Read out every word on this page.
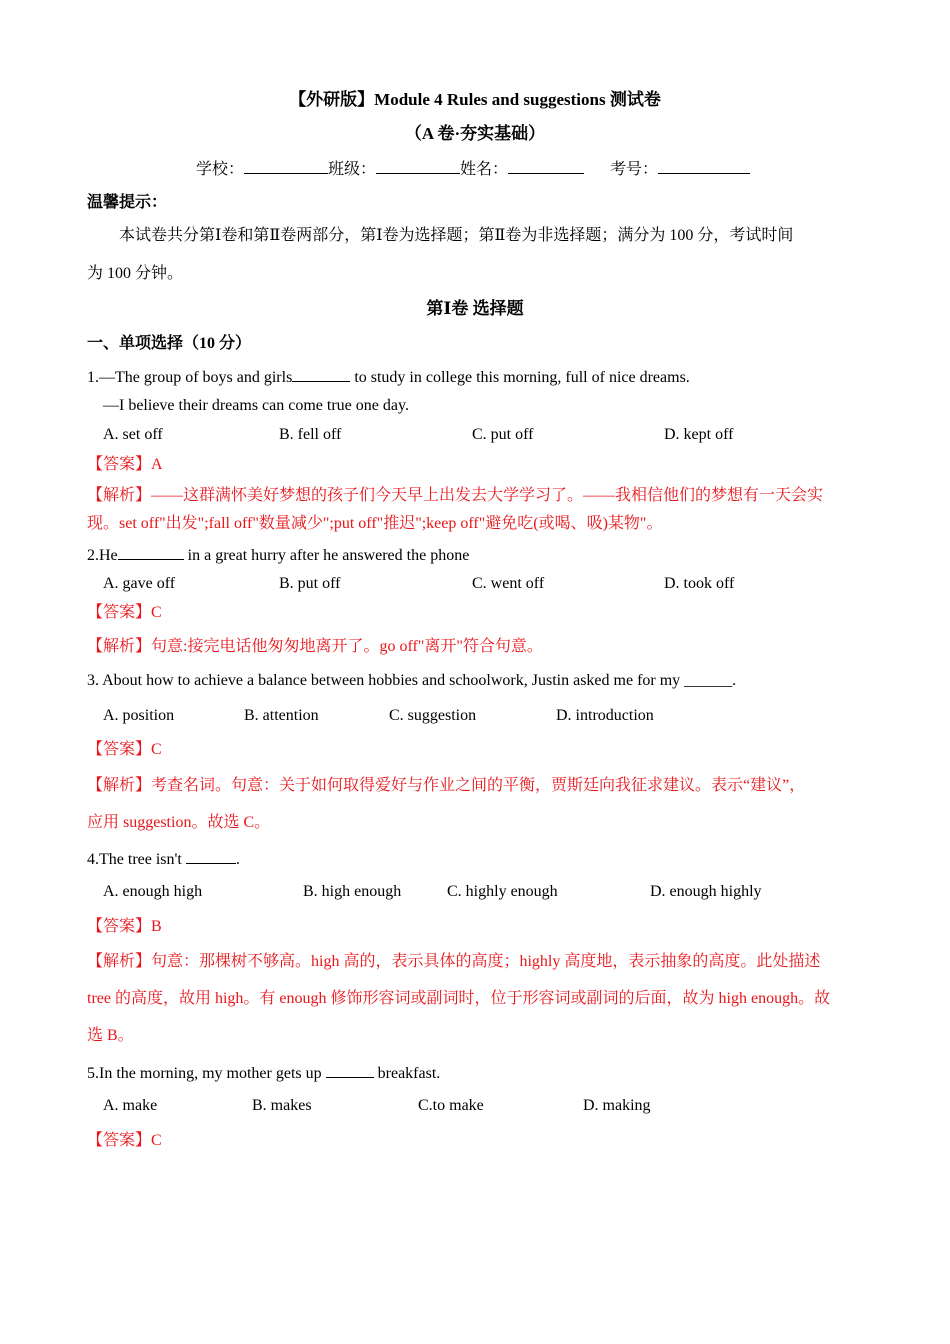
【外研版】Module 4 Rules and suggestions 测试卷
（A 卷·夯实基础）
学校：	班级：	姓名：	考号：
温馨提示：
本试卷共分第Ⅰ卷和第Ⅱ卷两部分，第Ⅰ卷为选择题；第Ⅱ卷为非选择题；满分为 100 分，考试时间
为 100 分钟。
第Ⅰ卷 选择题
一、单项选择（10 分）
1.—The group of boys and girls	to study in college this morning, full of nice dreams.
—I believe their dreams can come true one day.
A. set off	B. fell off	C. put off	D. kept off
【答案】A
【解析】——这群满怀美好梦想的孩子们今天早上出发去大学学习了。——我相信他们的梦想有一天会实
现。set off"出发";fall off"数量减少";put off"推迟";keep off"避免吃(或喝、吸)某物"。
2.He	in a great hurry after he answered the phone
A. gave off	B. put off	C. went off	D. took off
【答案】C
【解析】句意:接完电话他匆匆地离开了。go off"离开"符合句意。
3. About how to achieve a balance between hobbies and schoolwork, Justin asked me for my ______.
A. position	B. attention	C. suggestion	D. introduction
【答案】C
【解析】考查名词。句意：关于如何取得爱好与作业之间的平衡，贾斯廷向我征求建议。表示“建议”，
应用 suggestion。故选 C。
4.The tree isn't	.
A. enough high	B. high enough	C. highly enough	D. enough highly
【答案】B
【解析】句意：那棵树不够高。high 高的，表示具体的高度；highly 高度地，表示抽象的高度。此处描述
tree 的高度，故用 high。有 enough 修饰形容词或副词时，位于形容词或副词的后面，故为 high enough。故
选 B。
5.In the morning, my mother gets up	breakfast.
A. make	B. makes	C.to make	D. making
【答案】C
